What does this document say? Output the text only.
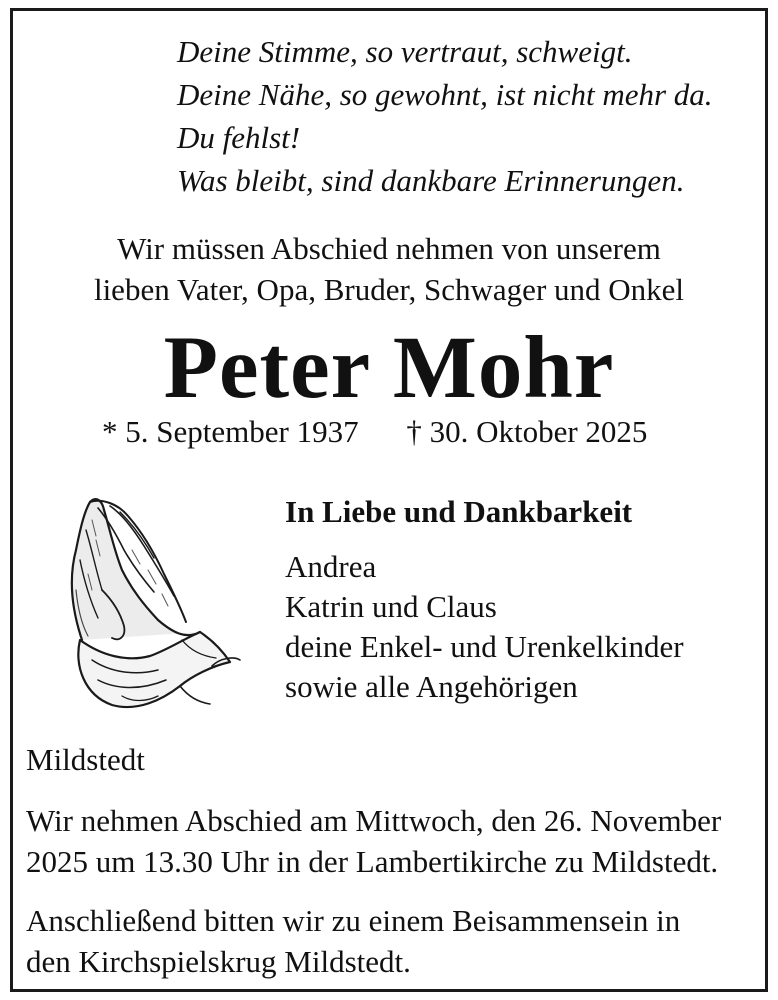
Deine Stimme, so vertraut, schweigt.
Deine Nähe, so gewohnt, ist nicht mehr da.
Du fehlst!
Was bleibt, sind dankbare Erinnerungen.
Wir müssen Abschied nehmen von unserem
lieben Vater, Opa, Bruder, Schwager und Onkel
Peter Mohr
* 5. September 1937 † 30. Oktober 2025
In Liebe und Dankbarkeit
Andrea
Katrin und Claus
deine Enkel- und Urenkelkinder
sowie alle Angehörigen
Mildstedt
Wir nehmen Abschied am Mittwoch, den 26. November
2025 um 13.30 Uhr in der Lambertikirche zu Mildstedt.
Anschließend bitten wir zu einem Beisammensein in
den Kirchspielskrug Mildstedt.
